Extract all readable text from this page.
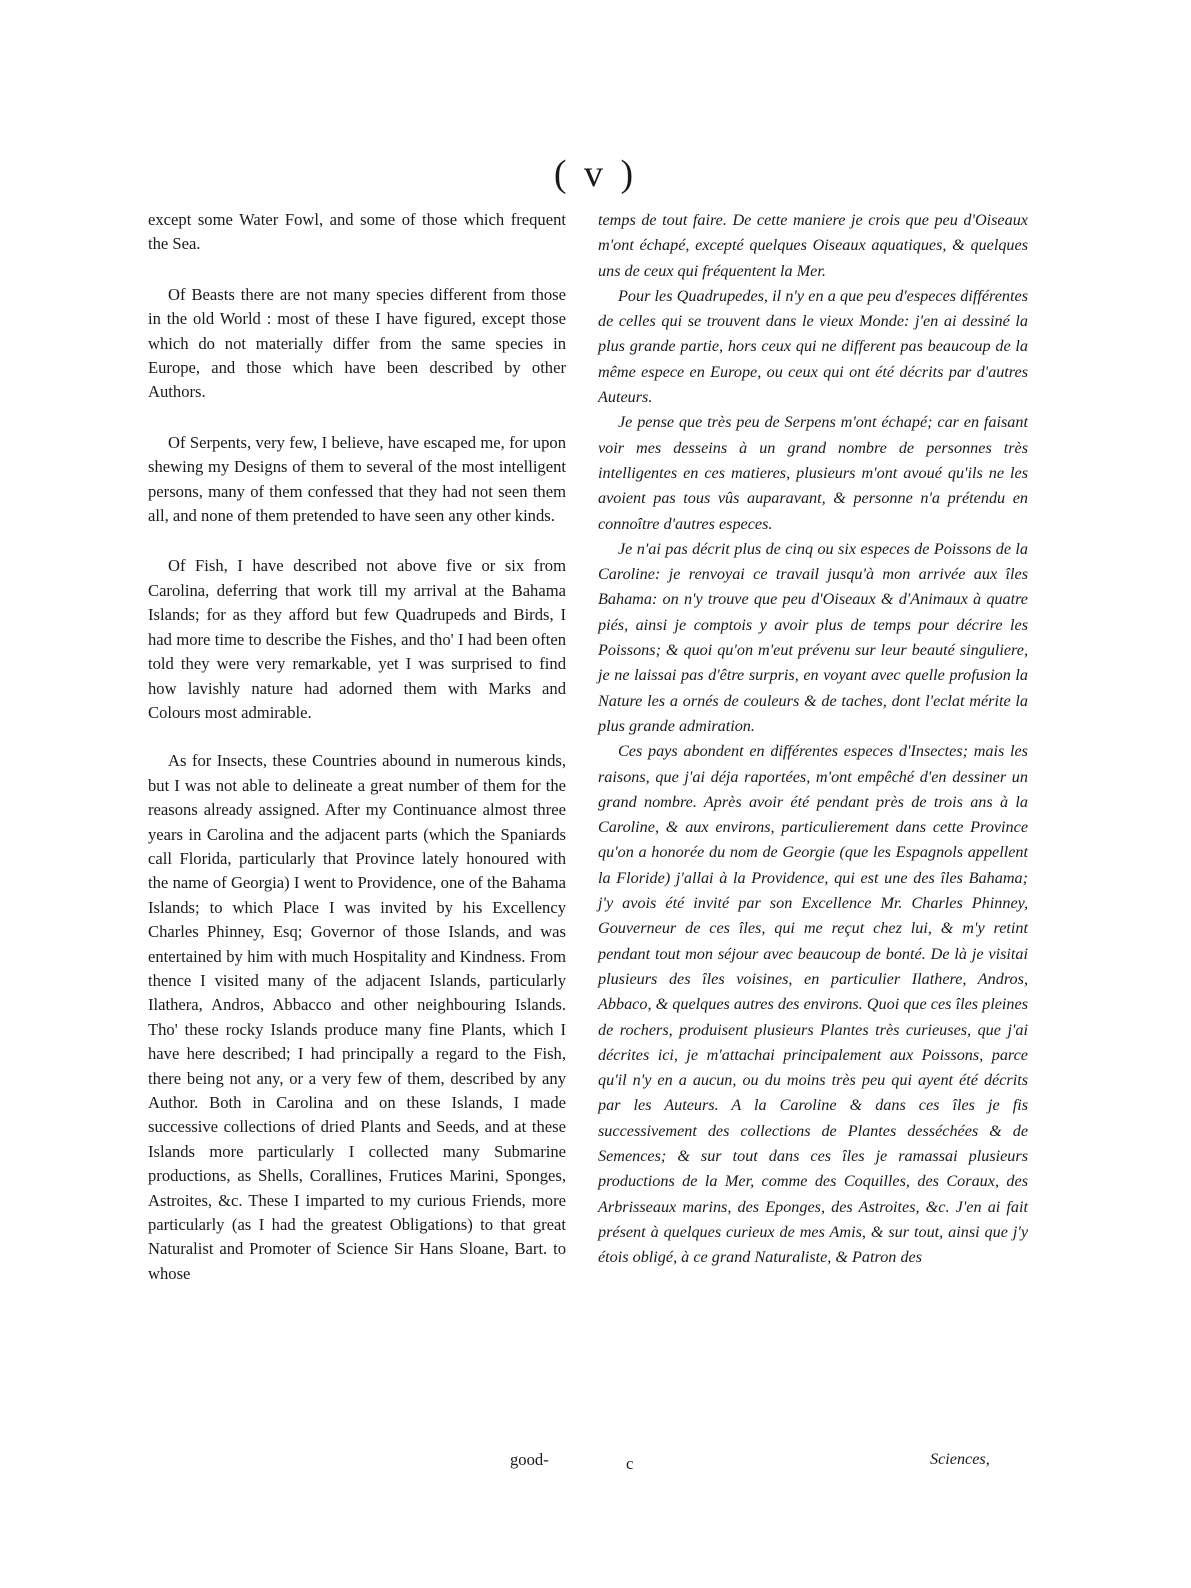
( v )

except some Water Fowl, and some of those which frequent the Sea.

Of Beasts there are not many species different from those in the old World : most of these I have figured, except those which do not materially differ from the same species in Europe, and those which have been described by other Authors.

Of Serpents, very few, I believe, have escaped me, for upon shewing my Designs of them to several of the most intelligent persons, many of them confessed that they had not seen them all, and none of them pretended to have seen any other kinds.

Of Fish, I have described not above five or six from Carolina, deferring that work till my arrival at the Bahama Islands; for as they afford but few Quadrupeds and Birds, I had more time to describe the Fishes, and tho' I had been often told they were very remarkable, yet I was surprised to find how lavishly nature had adorned them with Marks and Colours most admirable.

As for Insects, these Countries abound in numerous kinds, but I was not able to delineate a great number of them for the reasons already assigned. After my Continuance almost three years in Carolina and the adjacent parts (which the Spaniards call Florida, particularly that Province lately honoured with the name of Georgia) I went to Providence, one of the Bahama Islands; to which Place I was invited by his Excellency Charles Phinney, Esq; Governor of those Islands, and was entertained by him with much Hospitality and Kindness. From thence I visited many of the adjacent Islands, particularly Ilathera, Andros, Abbacco and other neighbouring Islands. Tho' these rocky Islands produce many fine Plants, which I have here described; I had principally a regard to the Fish, there being not any, or a very few of them, described by any Author. Both in Carolina and on these Islands, I made successive collections of dried Plants and Seeds, and at these Islands more particularly I collected many Submarine productions, as Shells, Corallines, Frutices Marini, Sponges, Astroites, &c. These I imparted to my curious Friends, more particularly (as I had the greatest Obligations) to that great Naturalist and Promoter of Science Sir Hans Sloane, Bart. to whose

temps de tout faire. De cette maniere je crois que peu d'Oiseaux m'ont échapé, excepté quelques Oiseaux aquatiques, & quelques uns de ceux qui fréquentent la Mer.

Pour les Quadrupedes, il n'y en a que peu d'especes différentes de celles qui se trouvent dans le vieux Monde: j'en ai dessiné la plus grande partie, hors ceux qui ne different pas beaucoup de la même espece en Europe, ou ceux qui ont été décrits par d'autres Auteurs.

Je pense que très peu de Serpens m'ont échapé; car en faisant voir mes desseins à un grand nombre de personnes très intelligentes en ces matieres, plusieurs m'ont avoué qu'ils ne les avoient pas tous vûs auparavant, & personne n'a prétendu en connoître d'autres especes.

Je n'ai pas décrit plus de cinq ou six especes de Poissons de la Caroline: je renvoyai ce travail jusqu'à mon arrivée aux îles Bahama: on n'y trouve que peu d'Oiseaux & d'Animaux à quatre piés, ainsi je comptois y avoir plus de temps pour décrire les Poissons; & quoi qu'on m'eut prévenu sur leur beauté singuliere, je ne laissai pas d'être surpris, en voyant avec quelle profusion la Nature les a ornés de couleurs & de taches, dont l'eclat mérite la plus grande admiration.

Ces pays abondent en différentes especes d'Insectes; mais les raisons, que j'ai déja raportées, m'ont empêché d'en dessiner un grand nombre. Après avoir été pendant près de trois ans à la Caroline, & aux environs, particulierement dans cette Province qu'on a honorée du nom de Georgie (que les Espagnols appellent la Floride) j'allai à la Providence, qui est une des îles Bahama; j'y avois été invité par son Excellence Mr. Charles Phinney, Gouverneur de ces îles, qui me reçut chez lui, & m'y retint pendant tout mon séjour avec beaucoup de bonté. De là je visitai plusieurs des îles voisines, en particulier Ilathere, Andros, Abbaco, & quelques autres des environs. Quoi que ces îles pleines de rochers, produisent plusieurs Plantes très curieuses, que j'ai décrites ici, je m'attachai principalement aux Poissons, parce qu'il n'y en a aucun, ou du moins très peu qui ayent été décrits par les Auteurs. A la Caroline & dans ces îles je fis successivement des collections de Plantes desséchées & de Semences; & sur tout dans ces îles je ramassai plusieurs productions de la Mer, comme des Coquilles, des Coraux, des Arbrisseaux marins, des Eponges, des Astroites, &c. J'en ai fait présent à quelques curieux de mes Amis, & sur tout, ainsi que j'y étois obligé, à ce grand Naturaliste, & Patron des

good-	c	Sciences,
